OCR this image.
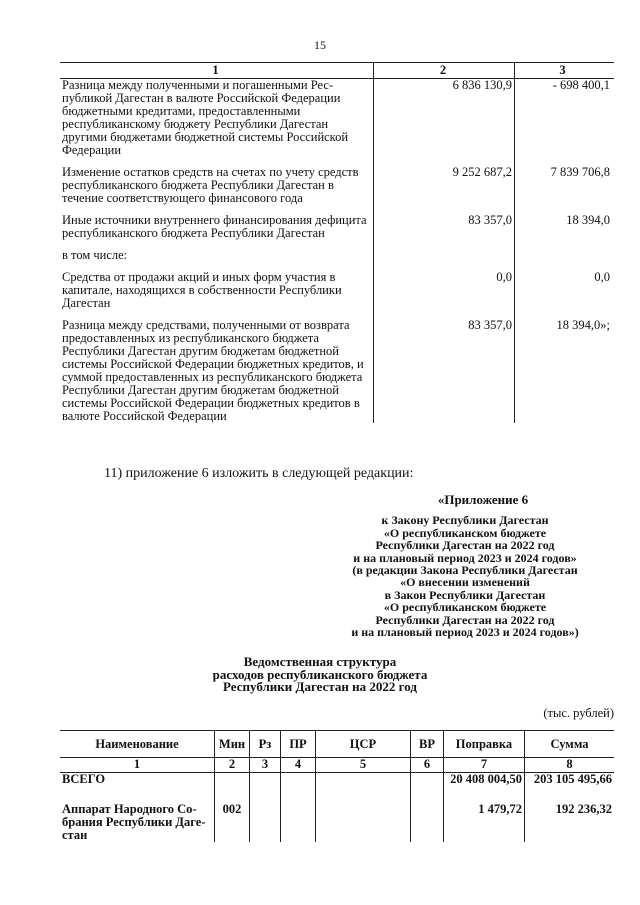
15
1	2	3
Разница между полученными и погашенными Республикой Дагестан в валюте Российской Федерации бюджетными кредитами, предоставленными республиканскому бюджету Республики Дагестан другими бюджетами бюджетной системы Российской Федерации	6 836 130,9	- 698 400,1

Изменение остатков средств на счетах по учету средств республиканского бюджета Республики Дагестан в течение соответствующего финансового года	9 252 687,2	7 839 706,8

Иные источники внутреннего финансирования дефицита республиканского бюджета Республики Дагестан	83 357,0	18 394,0

в том числе:		

Средства от продажи акций и иных форм участия в капитале, находящихся в собственности Республики Дагестан	0,0	0,0

Разница между средствами, полученными от возврата предоставленных из республиканского бюджета Республики Дагестан другим бюджетам бюджетной системы Российской Федерации бюджетных кредитов, и суммой предоставленных из республиканского бюджета Республики Дагестан другим бюджетам бюджетной системы Российской Федерации бюджетных кредитов в валюте Российской Федерации	83 357,0	18 394,0»;
11) приложение 6 изложить в следующей редакции:
«Приложение 6
к Закону Республики Дагестан
«О республиканском бюджете
Республики Дагестан на 2022 год
и на плановый период 2023 и 2024 годов»
(в редакции Закона Республики Дагестан
«О внесении изменений
в Закон Республики Дагестан
«О республиканском бюджете
Республики Дагестан на 2022 год
и на плановый период 2023 и 2024 годов»)
Ведомственная структура
расходов республиканского бюджета
Республики Дагестан на 2022 год
(тыс. рублей)
Наименование	Мин	Рз	ПР	ЦСР	ВР	Поправка	Сумма
1	2	3	4	5	6	7	8
ВСЕГО						20 408 004,50	203 105 495,66

Аппарат Народного Собрания Республики Дагестан	002					1 479,72	192 236,32
